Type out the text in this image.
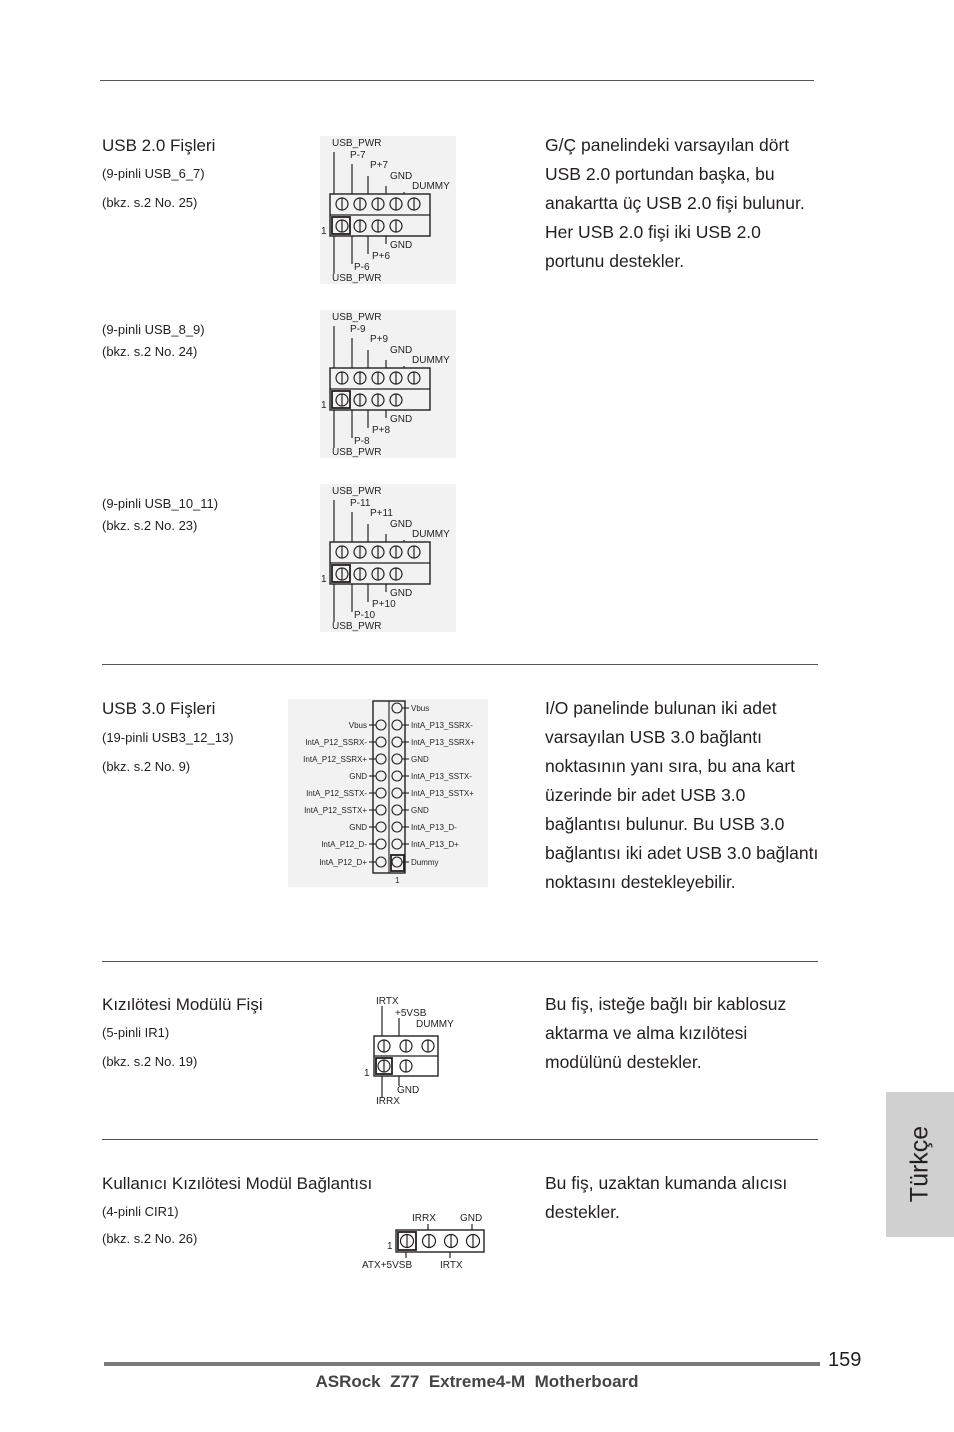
USB 2.0 Fişleri
(9-pinli USB_6_7)
(bkz. s.2 No. 25)
USB_PWR
P-7
P+7
GND
DUMMY
1
GND
P+6
P-6
USB_PWR
G/Ç panelindeki varsayılan dört USB 2.0 portundan başka, bu anakartta üç USB 2.0 fişi bulunur. Her USB 2.0 fişi iki USB 2.0 portunu destekler.
(9-pinli USB_8_9)
(bkz. s.2 No. 24)
USB_PWR
P-9
P+9
GND
DUMMY
1
GND
P+8
P-8
USB_PWR
(9-pinli USB_10_11)
(bkz. s.2 No. 23)
USB_PWR
P-11
P+11
GND
DUMMY
1
GND
P+10
P-10
USB_PWR
USB 3.0 Fişleri
(19-pinli USB3_12_13)
(bkz. s.2 No. 9)
Vbus
IntA_P13_SSRX-
IntA_P13_SSRX+
GND
IntA_P13_SSTX-
IntA_P13_SSTX+
GND
IntA_P13_D-
IntA_P13_D+
Dummy
Vbus
IntA_P12_SSRX-
IntA_P12_SSRX+
GND
IntA_P12_SSTX-
IntA_P12_SSTX+
GND
IntA_P12_D-
IntA_P12_D+
1
I/O panelinde bulunan iki adet varsayılan USB 3.0 bağlantı noktasının yanı sıra, bu ana kart üzerinde bir adet USB 3.0 bağlantısı bulunur. Bu USB 3.0 bağlantısı iki adet USB 3.0 bağlantı noktasını destekleyebilir.
Kızılötesi Modülü Fişi
(5-pinli IR1)
(bkz. s.2 No. 19)
IRTX
+5VSB
DUMMY
1
GND
IRRX
Bu fiş, isteğe bağlı bir kablosuz aktarma ve alma kızılötesi modülünü destekler.
Kullanıcı Kızılötesi Modül Bağlantısı
(4-pinli CIR1)
(bkz. s.2 No. 26)
IRRX GND
1
ATX+5VSB	IRTX
Bu fiş, uzaktan kumanda alıcısı destekler.
Türkçe
159
ASRock  Z77  Extreme4-M  Motherboard
